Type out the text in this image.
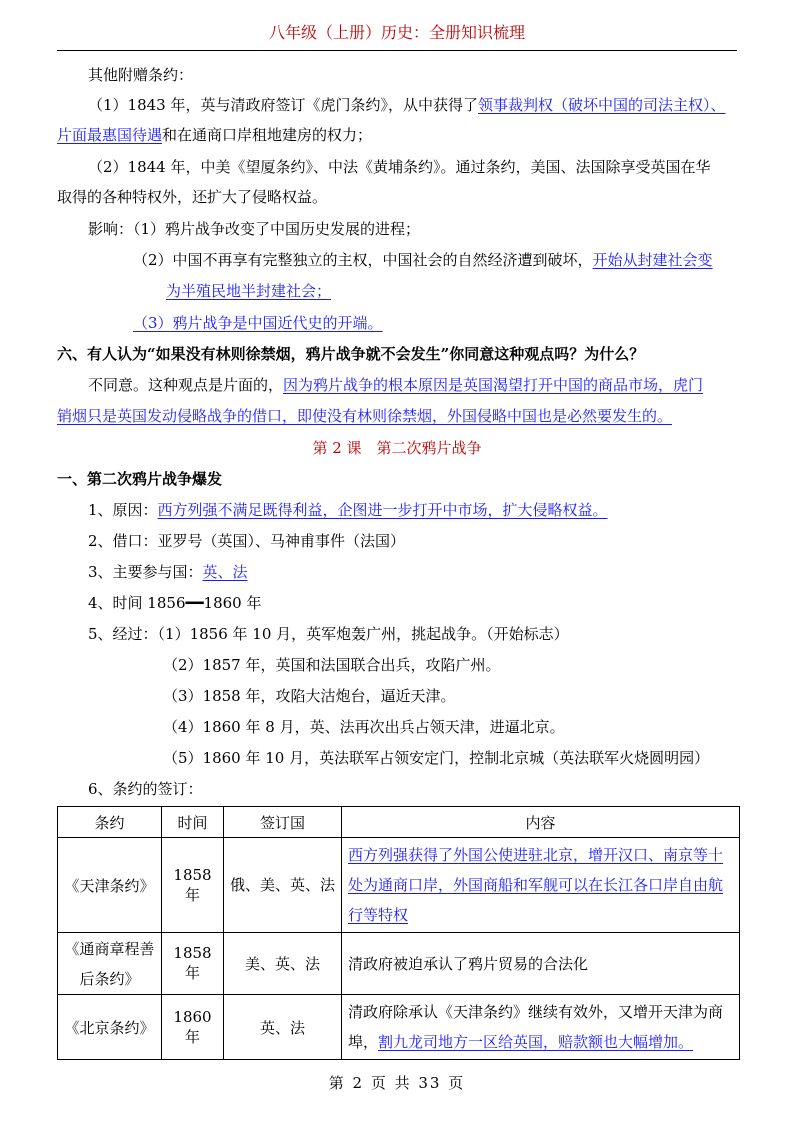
八年级（上册）历史：全册知识梳理
其他附赠条约：
（1）1843 年，英与清政府签订《虎门条约》，从中获得了领事裁判权（破坏中国的司法主权）、
片面最惠国待遇和在通商口岸租地建房的权力；
（2）1844 年，中美《望厦条约》、中法《黄埔条约》。通过条约，美国、法国除享受英国在华
取得的各种特权外，还扩大了侵略权益。
影响：（1）鸦片战争改变了中国历史发展的进程；
（2）中国不再享有完整独立的主权，中国社会的自然经济遭到破坏，开始从封建社会变
为半殖民地半封建社会；
（3）鸦片战争是中国近代史的开端。
六、有人认为“如果没有林则徐禁烟，鸦片战争就不会发生”你同意这种观点吗？为什么？
不同意。这种观点是片面的，因为鸦片战争的根本原因是英国渴望打开中国的商品市场，虎门
销烟只是英国发动侵略战争的借口，即使没有林则徐禁烟，外国侵略中国也是必然要发生的。
第 2 课　第二次鸦片战争
一、第二次鸦片战争爆发
1、原因：西方列强不满足既得利益，企图进一步打开中市场，扩大侵略权益。
2、借口：亚罗号（英国）、马神甫事件（法国）
3、主要参与国：英、法
4、时间 1856━━1860 年
5、经过：（1）1856 年 10 月，英军炮轰广州，挑起战争。（开始标志）
（2）1857 年，英国和法国联合出兵，攻陷广州。
（3）1858 年，攻陷大沽炮台，逼近天津。
（4）1860 年 8 月，英、法再次出兵占领天津，进逼北京。
（5）1860 年 10 月，英法联军占领安定门，控制北京城（英法联军火烧圆明园）
6、条约的签订：
条约	时间	签订国	内容
《天津条约》	1858 年	俄、美、英、法	西方列强获得了外国公使进驻北京，增开汉口、南京等十处为通商口岸，外国商船和军舰可以在长江各口岸自由航行等特权
《通商章程善后条约》	1858 年	美、英、法	清政府被迫承认了鸦片贸易的合法化
《北京条约》	1860 年	英、法	清政府除承认《天津条约》继续有效外，又增开天津为商埠，割九龙司地方一区给英国，赔款额也大幅增加。
第 2 页 共 33 页
